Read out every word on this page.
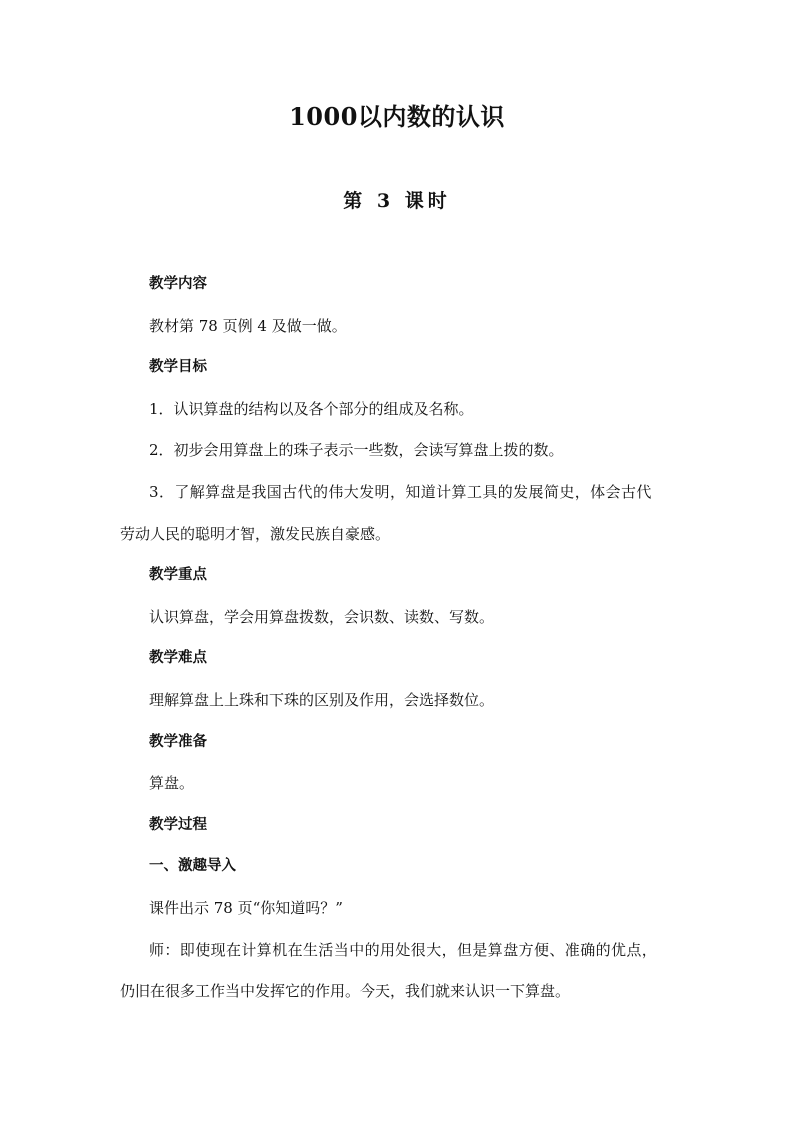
1000以内数的认识
第 3 课时
教学内容
教材第 78 页例 4 及做一做。
教学目标
1．认识算盘的结构以及各个部分的组成及名称。
2．初步会用算盘上的珠子表示一些数，会读写算盘上拨的数。
3．了解算盘是我国古代的伟大发明，知道计算工具的发展简史，体会古代
劳动人民的聪明才智，激发民族自豪感。
教学重点
认识算盘，学会用算盘拨数，会识数、读数、写数。
教学难点
理解算盘上上珠和下珠的区别及作用，会选择数位。
教学准备
算盘。
教学过程
一、激趣导入
课件出示 78 页“你知道吗？”
师：即使现在计算机在生活当中的用处很大，但是算盘方便、准确的优点，
仍旧在很多工作当中发挥它的作用。今天，我们就来认识一下算盘。
